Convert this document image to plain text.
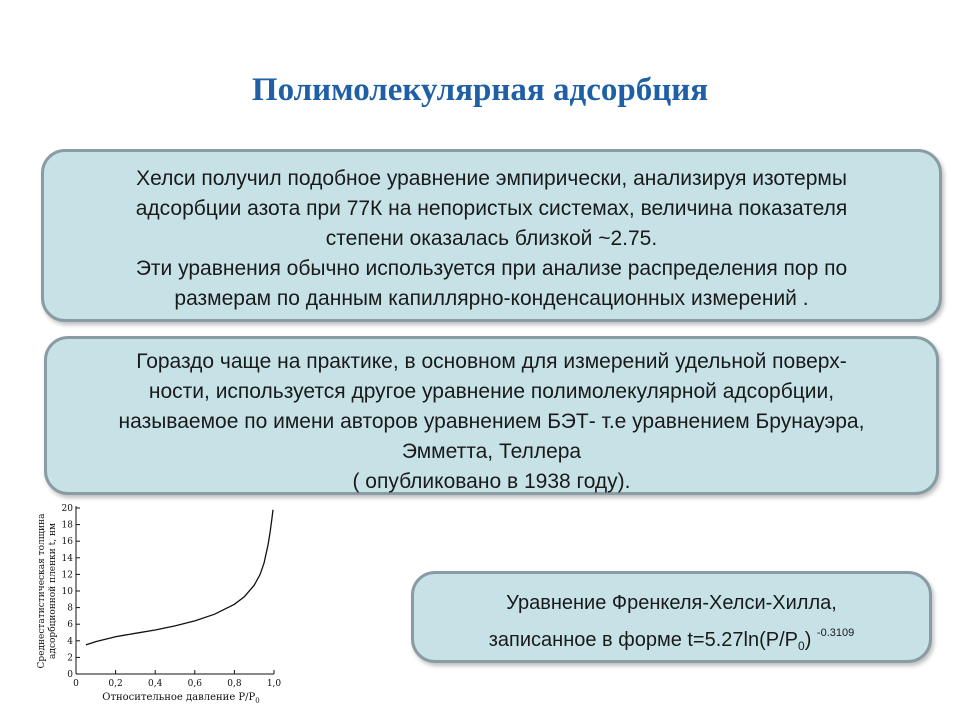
Полимолекулярная адсорбция
Хелси получил подобное уравнение эмпирически, анализируя изотермы
адсорбции азота при 77К на непористых системах, величина показателя
степени оказалась близкой ~2.75.
Эти уравнения обычно используется при анализе распределения пор по
размерам по данным капиллярно-конденсационных измерений .
Гораздо чаще на практике, в основном для измерений удельной поверх-
ности, используется другое уравнение полимолекулярной адсорбции,
называемое по имени авторов уравнением БЭТ- т.е уравнением Брунауэра,
Эмметта, Теллера
( опубликовано в 1938 году).
Уравнение Френкеля-Хелси-Хилла,
записанное в форме $t=5.27\ln(P/P_0)$ $^{-0.3109}$
Среднестатистическая толщина адсорбционной пленки t, нм
0
2
4
6
8
10
12
14
16
18
20
0	0,2	0,4	0,6	0,8	1,0
Относительное давление $P/P_0$
